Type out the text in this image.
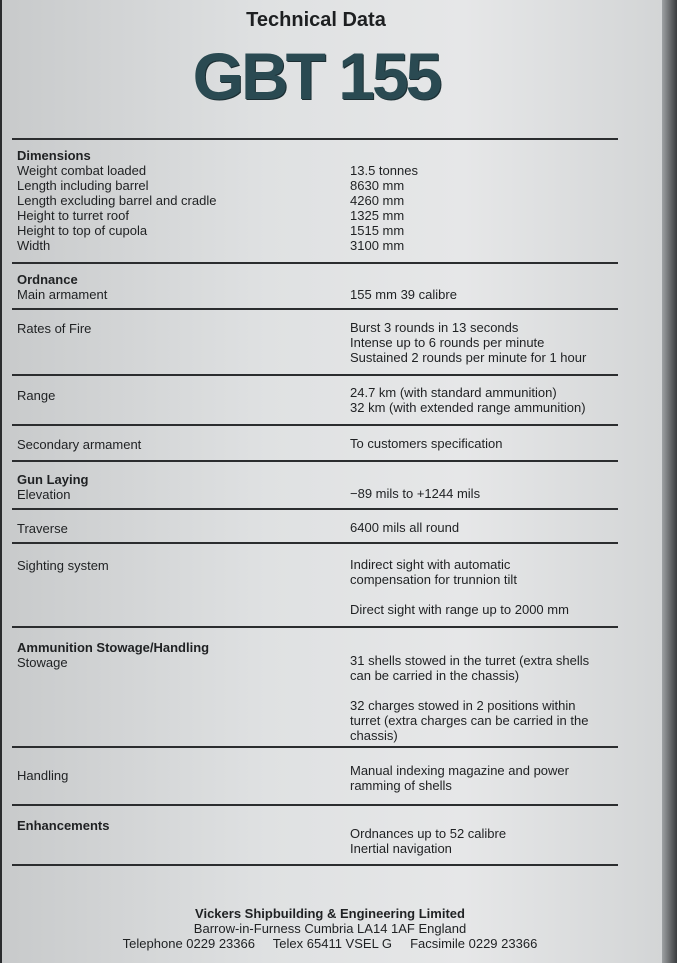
Technical Data
GBT 155
Dimensions
Weight combat loaded	13.5 tonnes
Length including barrel	8630 mm
Length excluding barrel and cradle	4260 mm
Height to turret roof	1325 mm
Height to top of cupola	1515 mm
Width	3100 mm
Ordnance
Main armament	155 mm 39 calibre
Rates of Fire	Burst 3 rounds in 13 seconds
Intense up to 6 rounds per minute
Sustained 2 rounds per minute for 1 hour
Range	24.7 km (with standard ammunition)
32 km (with extended range ammunition)
Secondary armament	To customers specification
Gun Laying
Elevation	−89 mils to +1244 mils
Traverse	6400 mils all round
Sighting system	Indirect sight with automatic
compensation for trunnion tilt
Direct sight with range up to 2000 mm
Ammunition Stowage/Handling
Stowage	31 shells stowed in the turret (extra shells
can be carried in the chassis)
32 charges stowed in 2 positions within
turret (extra charges can be carried in the
chassis)
Handling	Manual indexing magazine and power
ramming of shells
Enhancements
Ordnances up to 52 calibre
Inertial navigation
Vickers Shipbuilding & Engineering Limited
Barrow-in-Furness Cumbria LA14 1AF England
Telephone 0229 23366 Telex 65411 VSEL G Facsimile 0229 23366
